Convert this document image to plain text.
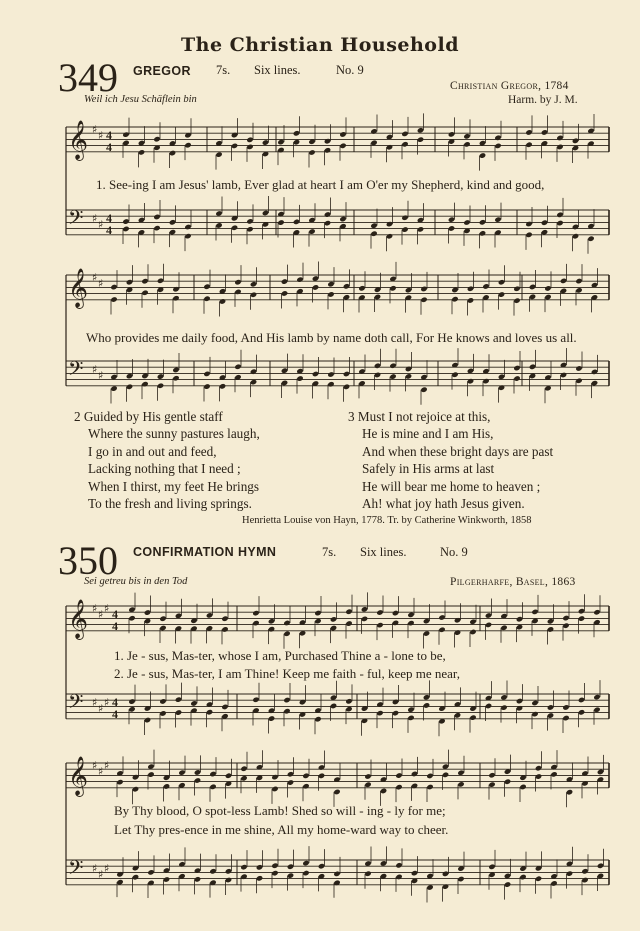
The Christian Household
349 GREGOR 7s. Six lines.	No. 9
Christian Gregor, 1784
Weil ich Jesu Schäflein bin	Harm. by J. M.
1. See-ing I am Jesus' lamb, Ever glad at heart I am O'er my Shepherd, kind and good,
Who provides me daily food, And His lamb by name doth call, For He knows and loves us all.
2 Guided by His gentle staff
Where the sunny pastures laugh,
I go in and out and feed,
Lacking nothing that I need ;
When I thirst, my feet He brings
To the fresh and living springs.
3 Must I not rejoice at this,
He is mine and I am His,
And when these bright days are past
Safely in His arms at last
He will bear me home to heaven ;
Ah! what joy hath Jesus given.
Henrietta Louise von Hayn, 1778. Tr. by Catherine Winkworth, 1858
350 CONFIRMATION HYMN	7s. Six lines.	No. 9
Sei getreu bis in den Tod	Pilgerharfe, Basel, 1863
1. Je - sus, Mas-ter, whose I am, Purchased Thine a - lone to be,
2. Je - sus, Mas-ter, I am Thine! Keep me faith - ful, keep me near,
By Thy blood, O spot-less Lamb! Shed so will - ing - ly for me;
Let Thy pres-ence in me shine, All my home-ward way to cheer.
𝄞 ♯ ♯ 4
4
𝄢 ♯ ♯ 4
4
𝄞 ♯ ♯
𝄢 ♯ ♯
𝄞 ♯ ♯ ♯ 4
4
𝄢 ♯ ♯ ♯ 4
4
𝄞 ♯ ♯ ♯
𝄢 ♯ ♯ ♯
